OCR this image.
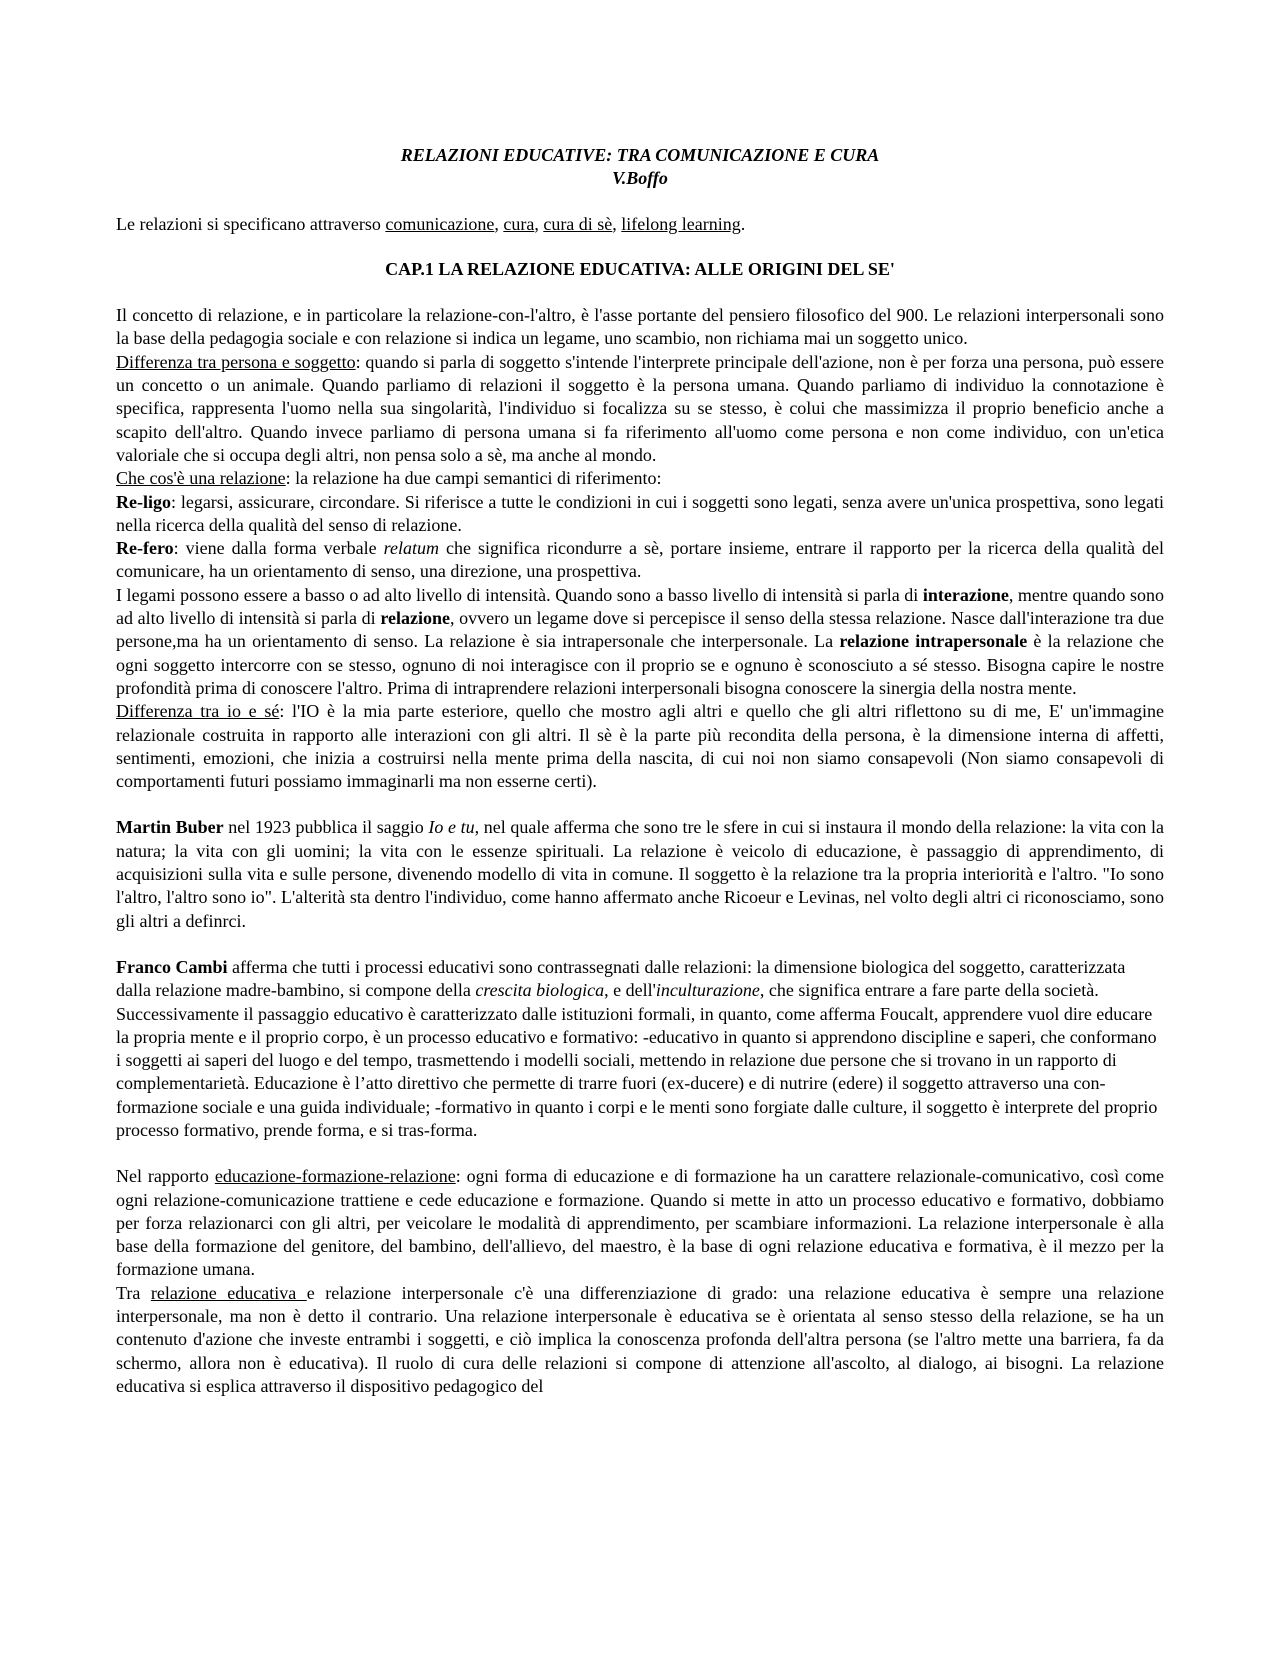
RELAZIONI EDUCATIVE: TRA COMUNICAZIONE E CURA

V.Boffo

Le relazioni si specificano attraverso comunicazione, cura, cura di sè, lifelong learning.

CAP.1 LA RELAZIONE EDUCATIVA: ALLE ORIGINI DEL SE'

Il concetto di relazione, e in particolare la relazione-con-l'altro, è l'asse portante del pensiero filosofico del 900. Le relazioni interpersonali sono la base della pedagogia sociale e con relazione si indica un legame, uno scambio, non richiama mai un soggetto unico.

Differenza tra persona e soggetto: quando si parla di soggetto s'intende l'interprete principale dell'azione, non è per forza una persona, può essere un concetto o un animale. Quando parliamo di relazioni il soggetto è la persona umana. Quando parliamo di individuo la connotazione è specifica, rappresenta l'uomo nella sua singolarità, l'individuo si focalizza su se stesso, è colui che massimizza il proprio beneficio anche a scapito dell'altro. Quando invece parliamo di persona umana si fa riferimento all'uomo come persona e non come individuo, con un'etica valoriale che si occupa degli altri, non pensa solo a sè, ma anche al mondo.

Che cos'è una relazione: la relazione ha due campi semantici di riferimento:

Re-ligo: legarsi, assicurare, circondare. Si riferisce a tutte le condizioni in cui i soggetti sono legati, senza avere un'unica prospettiva, sono legati nella ricerca della qualità del senso di relazione.

Re-fero: viene dalla forma verbale relatum che significa ricondurre a sè, portare insieme, entrare il rapporto per la ricerca della qualità del comunicare, ha un orientamento di senso, una direzione, una prospettiva.

I legami possono essere a basso o ad alto livello di intensità. Quando sono a basso livello di intensità si parla di interazione, mentre quando sono ad alto livello di intensità si parla di relazione, ovvero un legame dove si percepisce il senso della stessa relazione. Nasce dall'interazione tra due persone,ma ha un orientamento di senso. La relazione è sia intrapersonale che interpersonale. La relazione intrapersonale è la relazione che ogni soggetto intercorre con se stesso, ognuno di noi interagisce con il proprio se e ognuno è sconosciuto a sé stesso. Bisogna capire le nostre profondità prima di conoscere l'altro. Prima di intraprendere relazioni interpersonali bisogna conoscere la sinergia della nostra mente.

Differenza tra io e sé: l'IO è la mia parte esteriore, quello che mostro agli altri e quello che gli altri riflettono su di me, E' un'immagine relazionale costruita in rapporto alle interazioni con gli altri. Il sè è la parte più recondita della persona, è la dimensione interna di affetti, sentimenti, emozioni, che inizia a costruirsi nella mente prima della nascita, di cui noi non siamo consapevoli (Non siamo consapevoli di comportamenti futuri possiamo immaginarli ma non esserne certi).

Martin Buber nel 1923 pubblica il saggio Io e tu, nel quale afferma che sono tre le sfere in cui si instaura il mondo della relazione: la vita con la natura; la vita con gli uomini; la vita con le essenze spirituali. La relazione è veicolo di educazione, è passaggio di apprendimento, di acquisizioni sulla vita e sulle persone, divenendo modello di vita in comune. Il soggetto è la relazione tra la propria interiorità e l'altro. "Io sono l'altro, l'altro sono io". L'alterità sta dentro l'individuo, come hanno affermato anche Ricoeur e Levinas, nel volto degli altri ci riconosciamo, sono gli altri a definrci.

Franco Cambi afferma che tutti i processi educativi sono contrassegnati dalle relazioni: la dimensione biologica del soggetto, caratterizzata dalla relazione madre-bambino, si compone della crescita biologica, e dell'inculturazione, che significa entrare a fare parte della società. Successivamente il passaggio educativo è caratterizzato dalle istituzioni formali, in quanto, come afferma Foucalt, apprendere vuol dire educare la propria mente e il proprio corpo, è un processo educativo e formativo: -educativo in quanto si apprendono discipline e saperi, che conformano i soggetti ai saperi del luogo e del tempo, trasmettendo i modelli sociali, mettendo in relazione due persone che si trovano in un rapporto di complementarietà. Educazione è l’atto direttivo che permette di trarre fuori (ex-ducere) e di nutrire (edere) il soggetto attraverso una con-formazione sociale e una guida individuale; -formativo in quanto i corpi e le menti sono forgiate dalle culture, il soggetto è interprete del proprio processo formativo, prende forma, e si tras-forma.

Nel rapporto educazione-formazione-relazione: ogni forma di educazione e di formazione ha un carattere relazionale-comunicativo, così come ogni relazione-comunicazione trattiene e cede educazione e formazione. Quando si mette in atto un processo educativo e formativo, dobbiamo per forza relazionarci con gli altri, per veicolare le modalità di apprendimento, per scambiare informazioni. La relazione interpersonale è alla base della formazione del genitore, del bambino, dell'allievo, del maestro, è la base di ogni relazione educativa e formativa, è il mezzo per la formazione umana.

Tra relazione educativa e relazione interpersonale c'è una differenziazione di grado: una relazione educativa è sempre una relazione interpersonale, ma non è detto il contrario. Una relazione interpersonale è educativa se è orientata al senso stesso della relazione, se ha un contenuto d'azione che investe entrambi i soggetti, e ciò implica la conoscenza profonda dell'altra persona (se l'altro mette una barriera, fa da schermo, allora non è educativa). Il ruolo di cura delle relazioni si compone di attenzione all'ascolto, al dialogo, ai bisogni. La relazione educativa si esplica attraverso il dispositivo pedagogico del
